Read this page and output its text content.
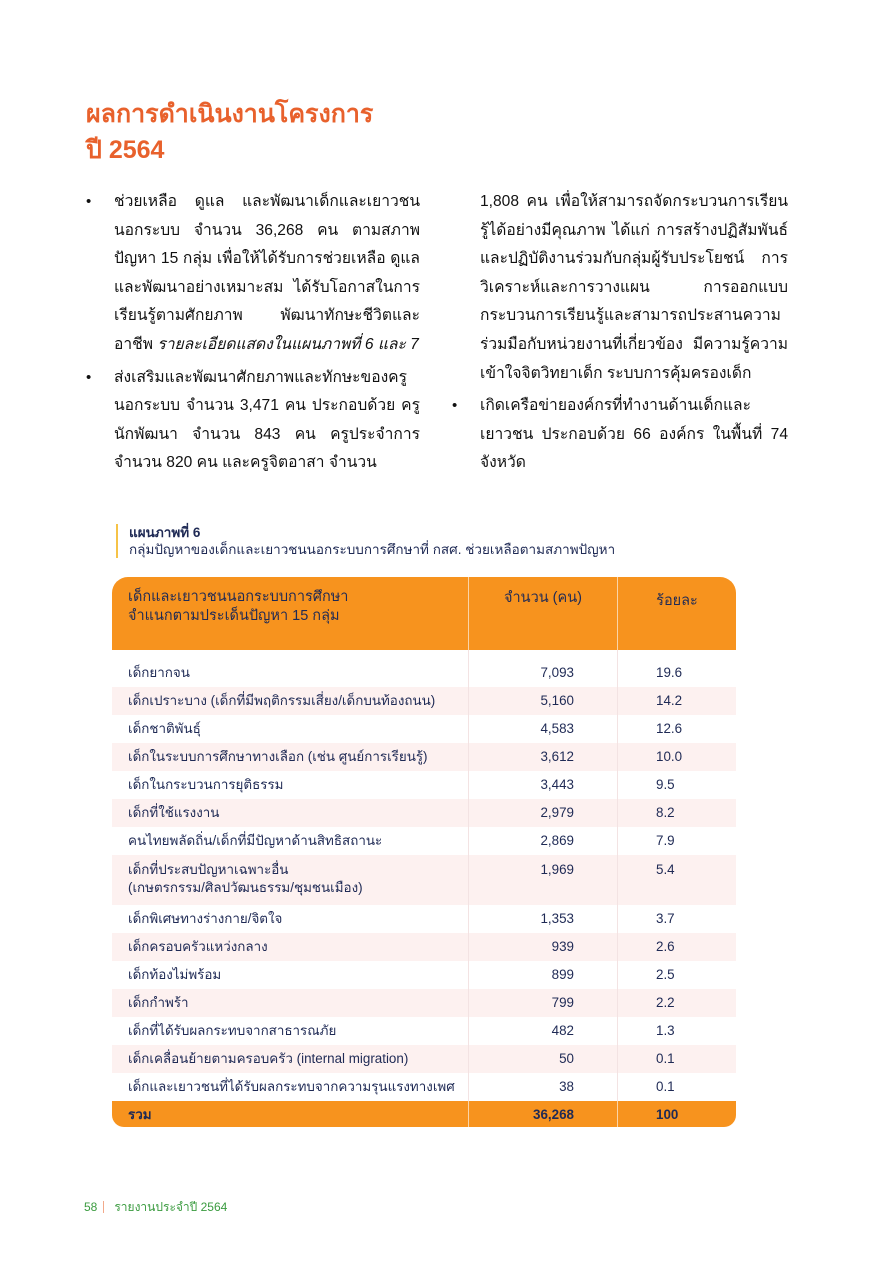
ผลการดำเนินงานโครงการ
ปี 2564
• ช่วยเหลือ ดูแล และพัฒนาเด็กและเยาวชนนอกระบบ จำนวน 36,268 คน ตามสภาพปัญหา 15 กลุ่ม เพื่อให้ได้รับการช่วยเหลือ ดูแล และพัฒนาอย่างเหมาะสม ได้รับโอกาสในการเรียนรู้ตามศักยภาพ พัฒนาทักษะชีวิตและอาชีพ รายละเอียดแสดงในแผนภาพที่ 6 และ 7
• ส่งเสริมและพัฒนาศักยภาพและทักษะของครูนอกระบบ จำนวน 3,471 คน ประกอบด้วย ครูนักพัฒนา จำนวน 843 คน ครูประจำการ จำนวน 820 คน และครูจิตอาสา จำนวน

1,808 คน เพื่อให้สามารถจัดกระบวนการเรียนรู้ได้อย่างมีคุณภาพ ได้แก่ การสร้างปฏิสัมพันธ์และปฏิบัติงานร่วมกับกลุ่มผู้รับประโยชน์ การวิเคราะห์และการวางแผน การออกแบบกระบวนการเรียนรู้และสามารถประสานความร่วมมือกับหน่วยงานที่เกี่ยวข้อง มีความรู้ความเข้าใจจิตวิทยาเด็ก ระบบการคุ้มครองเด็ก

• เกิดเครือข่ายองค์กรที่ทำงานด้านเด็กและเยาวชน ประกอบด้วย 66 องค์กร ในพื้นที่ 74 จังหวัด
แผนภาพที่ 6
กลุ่มปัญหาของเด็กและเยาวชนนอกระบบการศึกษาที่ กสศ. ช่วยเหลือตามสภาพปัญหา
เด็กและเยาวชนนอกระบบการศึกษา
จำแนกตามประเด็นปัญหา 15 กลุ่ม	จำนวน (คน)	ร้อยละ

เด็กยากจน	7,093	19.6
เด็กเปราะบาง (เด็กที่มีพฤติกรรมเสี่ยง/เด็กบนท้องถนน)	5,160	14.2
เด็กชาติพันธุ์	4,583	12.6
เด็กในระบบการศึกษาทางเลือก (เช่น ศูนย์การเรียนรู้)	3,612	10.0
เด็กในกระบวนการยุติธรรม	3,443	9.5
เด็กที่ใช้แรงงาน	2,979	8.2
คนไทยพลัดถิ่น/เด็กที่มีปัญหาด้านสิทธิสถานะ	2,869	7.9

เด็กที่ประสบปัญหาเฉพาะอื่น
(เกษตรกรรม/ศิลปวัฒนธรรม/ชุมชนเมือง)	1,969	5.4
เด็กพิเศษทางร่างกาย/จิตใจ	1,353	3.7
เด็กครอบครัวแหว่งกลาง	939	2.6
เด็กท้องไม่พร้อม	899	2.5
เด็กกำพร้า	799	2.2
เด็กที่ได้รับผลกระทบจากสาธารณภัย	482	1.3
เด็กเคลื่อนย้ายตามครอบครัว (internal migration)	50	0.1
เด็กและเยาวชนที่ได้รับผลกระทบจากความรุนแรงทางเพศ	38	0.1
รวม	36,268	100
58 รายงานประจำปี 2564
